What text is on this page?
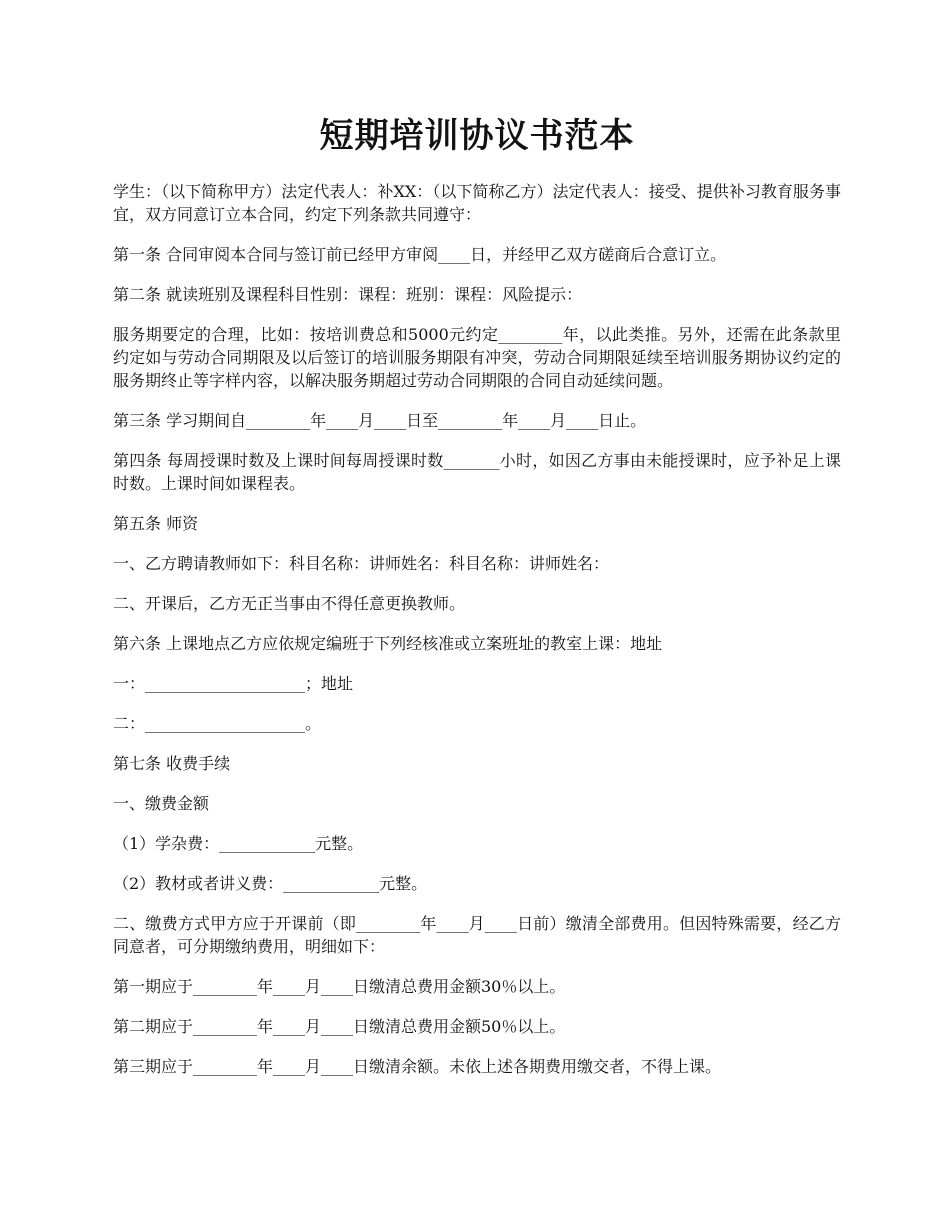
短期培训协议书范本

学生：（以下简称甲方）法定代表人：补XX：（以下简称乙方）法定代表人：接受、提供补习教育服务事宜，双方同意订立本合同，约定下列条款共同遵守：

第一条 合同审阅本合同与签订前已经甲方审阅____日，并经甲乙双方磋商后合意订立。

第二条 就读班别及课程科目性别：课程：班别：课程：风险提示：

服务期要定的合理，比如：按培训费总和5000元约定________年，以此类推。另外，还需在此条款里约定如与劳动合同期限及以后签订的培训服务期限有冲突，劳动合同期限延续至培训服务期协议约定的服务期终止等字样内容，以解决服务期超过劳动合同期限的合同自动延续问题。

第三条 学习期间自________年____月____日至________年____月____日止。

第四条 每周授课时数及上课时间每周授课时数_______小时，如因乙方事由未能授课时，应予补足上课时数。上课时间如课程表。

第五条 师资

一、乙方聘请教师如下：科目名称：讲师姓名：科目名称：讲师姓名：

二、开课后，乙方无正当事由不得任意更换教师。

第六条 上课地点乙方应依规定编班于下列经核准或立案班址的教室上课：地址

一：____________________；地址

二：____________________。

第七条 收费手续

一、缴费金额

（1）学杂费：____________元整。

（2）教材或者讲义费：____________元整。

二、缴费方式甲方应于开课前（即________年____月____日前）缴清全部费用。但因特殊需要，经乙方同意者，可分期缴纳费用，明细如下：

第一期应于________年____月____日缴清总费用金额30％以上。

第二期应于________年____月____日缴清总费用金额50％以上。

第三期应于________年____月____日缴清余额。未依上述各期费用缴交者，不得上课。
